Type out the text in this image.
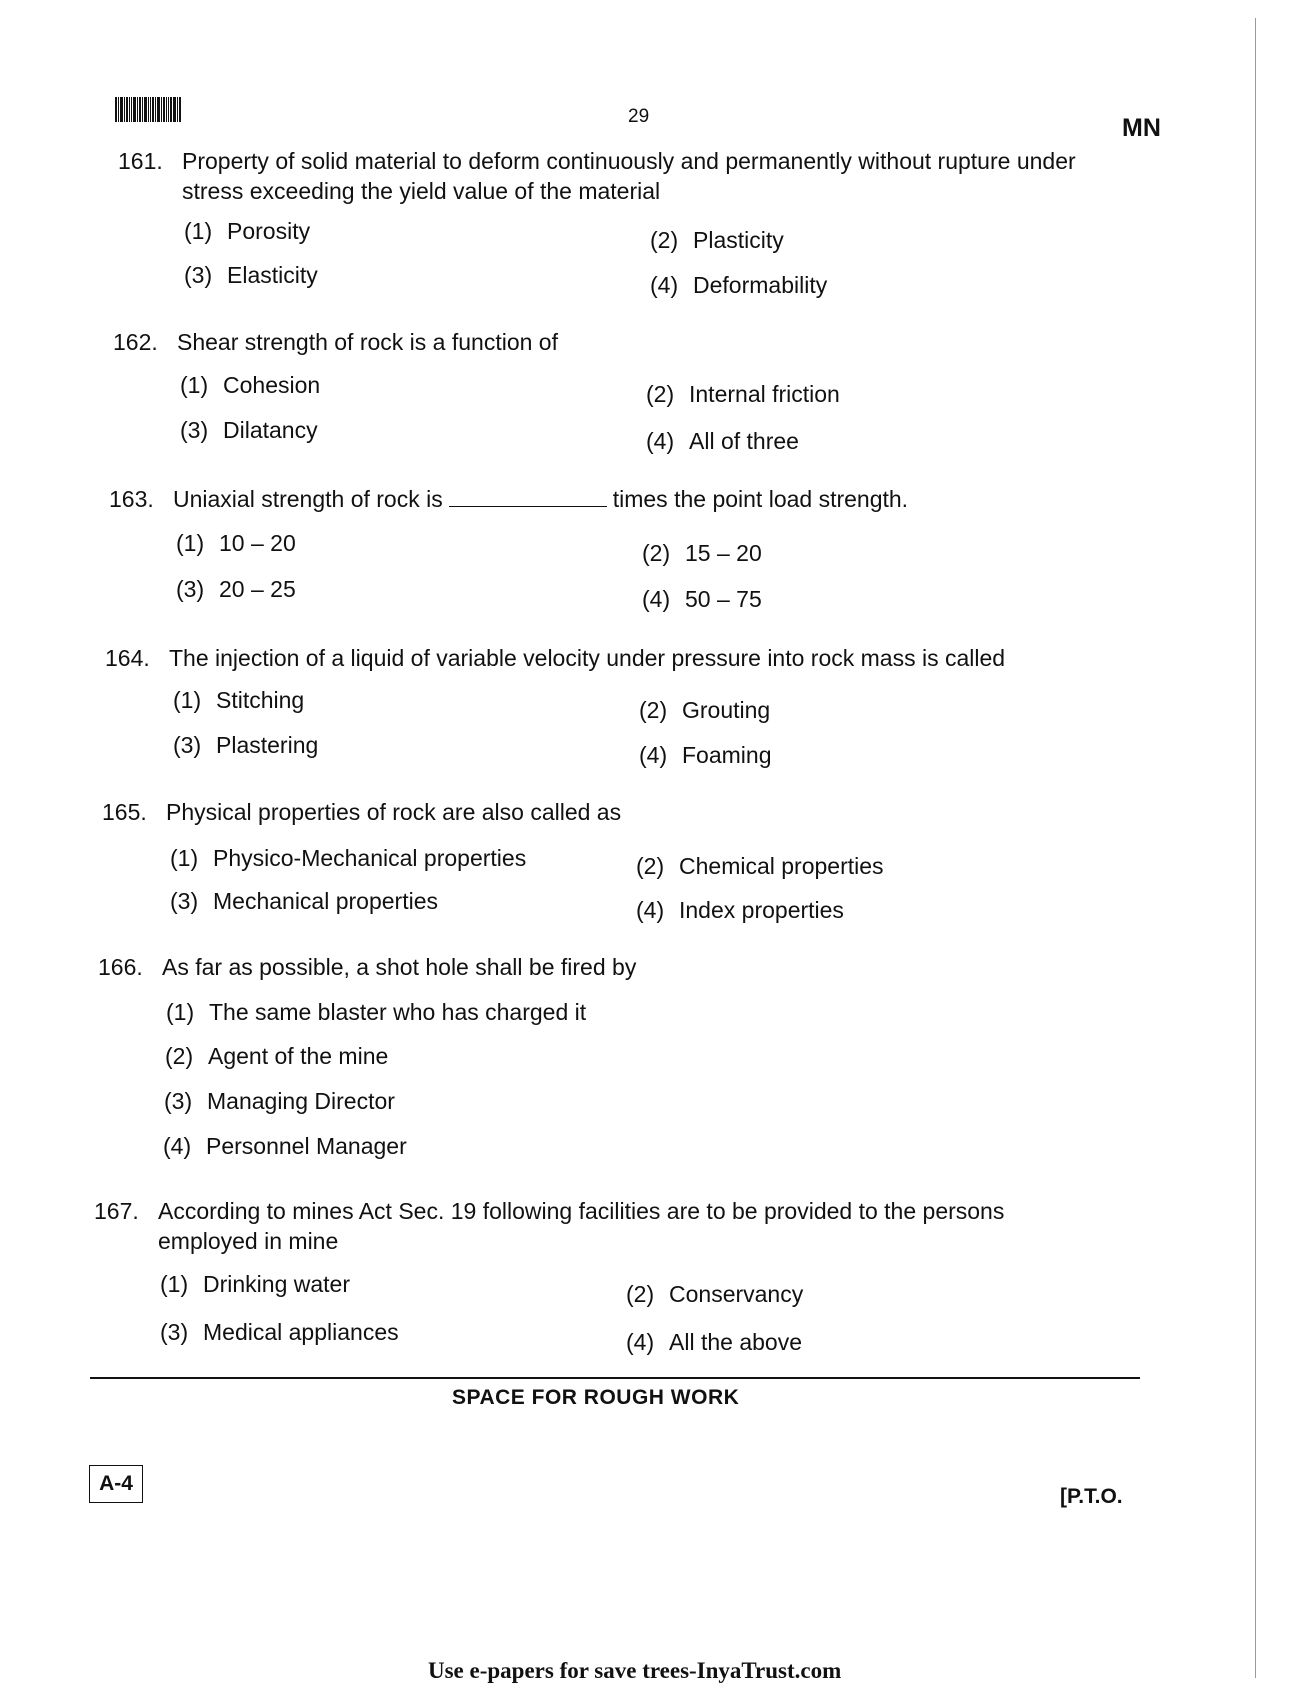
29	MN
161. Property of solid material to deform continuously and permanently without rupture under stress exceeding the yield value of the material
(1) Porosity	(2) Plasticity
(3) Elasticity	(4) Deformability
162. Shear strength of rock is a function of
(1) Cohesion	(2) Internal friction
(3) Dilatancy	(4) All of three
163. Uniaxial strength of rock is	times the point load strength.
(1) 10 – 20	(2) 15 – 20
(3) 20 – 25	(4) 50 – 75
164. The injection of a liquid of variable velocity under pressure into rock mass is called
(1) Stitching	(2) Grouting
(3) Plastering	(4) Foaming
165. Physical properties of rock are also called as
(1) Physico-Mechanical properties	(2) Chemical properties
(3) Mechanical properties	(4) Index properties
166. As far as possible, a shot hole shall be fired by
(1) The same blaster who has charged it
(2) Agent of the mine
(3) Managing Director
(4) Personnel Manager
167. According to mines Act Sec. 19 following facilities are to be provided to the persons employed in mine
(1) Drinking water	(2) Conservancy
(3) Medical appliances	(4) All the above
SPACE FOR ROUGH WORK
A-4
[P.T.O.
Use e-papers for save trees-InyaTrust.com
